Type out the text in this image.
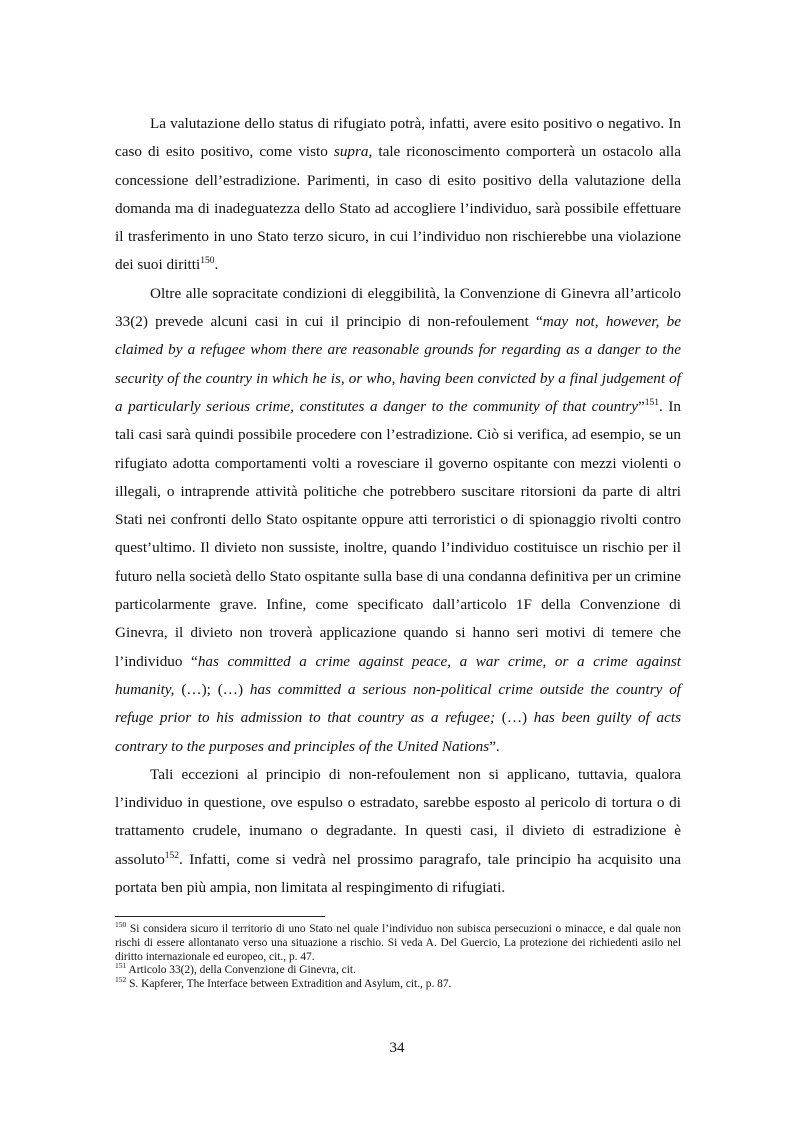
La valutazione dello status di rifugiato potrà, infatti, avere esito positivo o negativo. In caso di esito positivo, come visto supra, tale riconoscimento comporterà un ostacolo alla concessione dell’estradizione. Parimenti, in caso di esito positivo della valutazione della domanda ma di inadeguatezza dello Stato ad accogliere l’individuo, sarà possibile effettuare il trasferimento in uno Stato terzo sicuro, in cui l’individuo non rischierebbe una violazione dei suoi diritti$^{150}$.

Oltre alle sopracitate condizioni di eleggibilità, la Convenzione di Ginevra all’articolo 33(2) prevede alcuni casi in cui il principio di non-refoulement “may not, however, be claimed by a refugee whom there are reasonable grounds for regarding as a danger to the security of the country in which he is, or who, having been convicted by a final judgement of a particularly serious crime, constitutes a danger to the community of that country”$^{151}$. In tali casi sarà quindi possibile procedere con l’estradizione. Ciò si verifica, ad esempio, se un rifugiato adotta comportamenti volti a rovesciare il governo ospitante con mezzi violenti o illegali, o intraprende attività politiche che potrebbero suscitare ritorsioni da parte di altri Stati nei confronti dello Stato ospitante oppure atti terroristici o di spionaggio rivolti contro quest’ultimo. Il divieto non sussiste, inoltre, quando l’individuo costituisce un rischio per il futuro nella società dello Stato ospitante sulla base di una condanna definitiva per un crimine particolarmente grave. Infine, come specificato dall’articolo 1F della Convenzione di Ginevra, il divieto non troverà applicazione quando si hanno seri motivi di temere che l’individuo “has committed a crime against peace, a war crime, or a crime against humanity, (…); (…) has committed a serious non-political crime outside the country of refuge prior to his admission to that country as a refugee; (…) has been guilty of acts contrary to the purposes and principles of the United Nations”.

Tali eccezioni al principio di non-refoulement non si applicano, tuttavia, qualora l’individuo in questione, ove espulso o estradato, sarebbe esposto al pericolo di tortura o di trattamento crudele, inumano o degradante. In questi casi, il divieto di estradizione è assoluto$^{152}$. Infatti, come si vedrà nel prossimo paragrafo, tale principio ha acquisito una portata ben più ampia, non limitata al respingimento di rifugiati.

$^{150}$ Si considera sicuro il territorio di uno Stato nel quale l’individuo non subisca persecuzioni o minacce, e dal quale non rischi di essere allontanato verso una situazione a rischio. Si veda A. Del Guercio, La protezione dei richiedenti asilo nel diritto internazionale ed europeo, cit., p. 47.

$^{151}$ Articolo 33(2), della Convenzione di Ginevra, cit.

$^{152}$ S. Kapferer, The Interface between Extradition and Asylum, cit., p. 87.

34
